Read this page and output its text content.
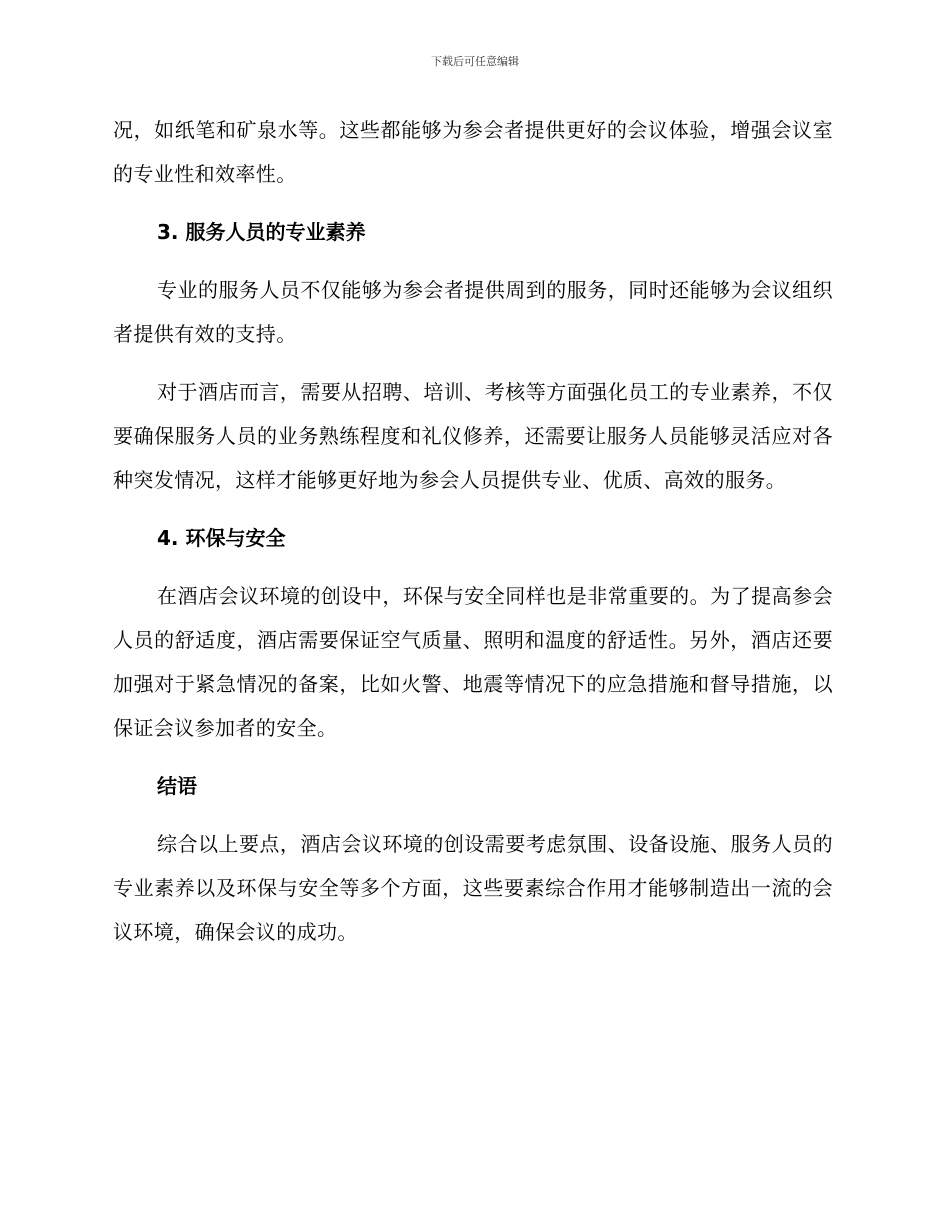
下载后可任意编辑

况，如纸笔和矿泉水等。这些都能够为参会者提供更好的会议体验，增强会议室的专业性和效率性。

3. 服务人员的专业素养

专业的服务人员不仅能够为参会者提供周到的服务，同时还能够为会议组织者提供有效的支持。

对于酒店而言，需要从招聘、培训、考核等方面强化员工的专业素养，不仅要确保服务人员的业务熟练程度和礼仪修养，还需要让服务人员能够灵活应对各种突发情况，这样才能够更好地为参会人员提供专业、优质、高效的服务。

4. 环保与安全

在酒店会议环境的创设中，环保与安全同样也是非常重要的。为了提高参会人员的舒适度，酒店需要保证空气质量、照明和温度的舒适性。另外，酒店还要加强对于紧急情况的备案，比如火警、地震等情况下的应急措施和督导措施，以保证会议参加者的安全。

结语

综合以上要点，酒店会议环境的创设需要考虑氛围、设备设施、服务人员的专业素养以及环保与安全等多个方面，这些要素综合作用才能够制造出一流的会议环境，确保会议的成功。
